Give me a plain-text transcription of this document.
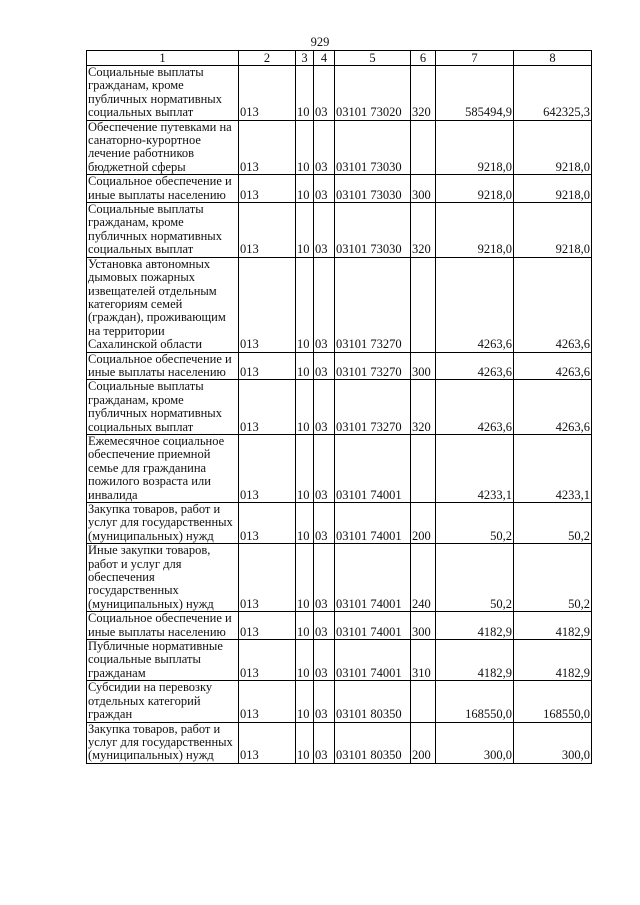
929
1	2	3	4	5	6	7	8
Социальные выплаты гражданам, кроме публичных нормативных социальных выплат	013	10	03	03101 73020	320	585494,9	642325,3
Обеспечение путевками на санаторно-курортное лечение работников бюджетной сферы	013	10	03	03101 73030		9218,0	9218,0
Социальное обеспечение и иные выплаты населению	013	10	03	03101 73030	300	9218,0	9218,0
Социальные выплаты гражданам, кроме публичных нормативных социальных выплат	013	10	03	03101 73030	320	9218,0	9218,0
Установка автономных дымовых пожарных извещателей отдельным категориям семей (граждан), проживающим на территории Сахалинской области	013	10	03	03101 73270		4263,6	4263,6
Социальное обеспечение и иные выплаты населению	013	10	03	03101 73270	300	4263,6	4263,6
Социальные выплаты гражданам, кроме публичных нормативных социальных выплат	013	10	03	03101 73270	320	4263,6	4263,6
Ежемесячное социальное обеспечение приемной семье для гражданина пожилого возраста или инвалида	013	10	03	03101 74001		4233,1	4233,1
Закупка товаров, работ и услуг для государственных (муниципальных) нужд	013	10	03	03101 74001	200	50,2	50,2
Иные закупки товаров, работ и услуг для обеспечения государственных (муниципальных) нужд	013	10	03	03101 74001	240	50,2	50,2
Социальное обеспечение и иные выплаты населению	013	10	03	03101 74001	300	4182,9	4182,9
Публичные нормативные социальные выплаты гражданам	013	10	03	03101 74001	310	4182,9	4182,9
Субсидии на перевозку отдельных категорий граждан	013	10	03	03101 80350		168550,0	168550,0
Закупка товаров, работ и услуг для государственных (муниципальных) нужд	013	10	03	03101 80350	200	300,0	300,0
